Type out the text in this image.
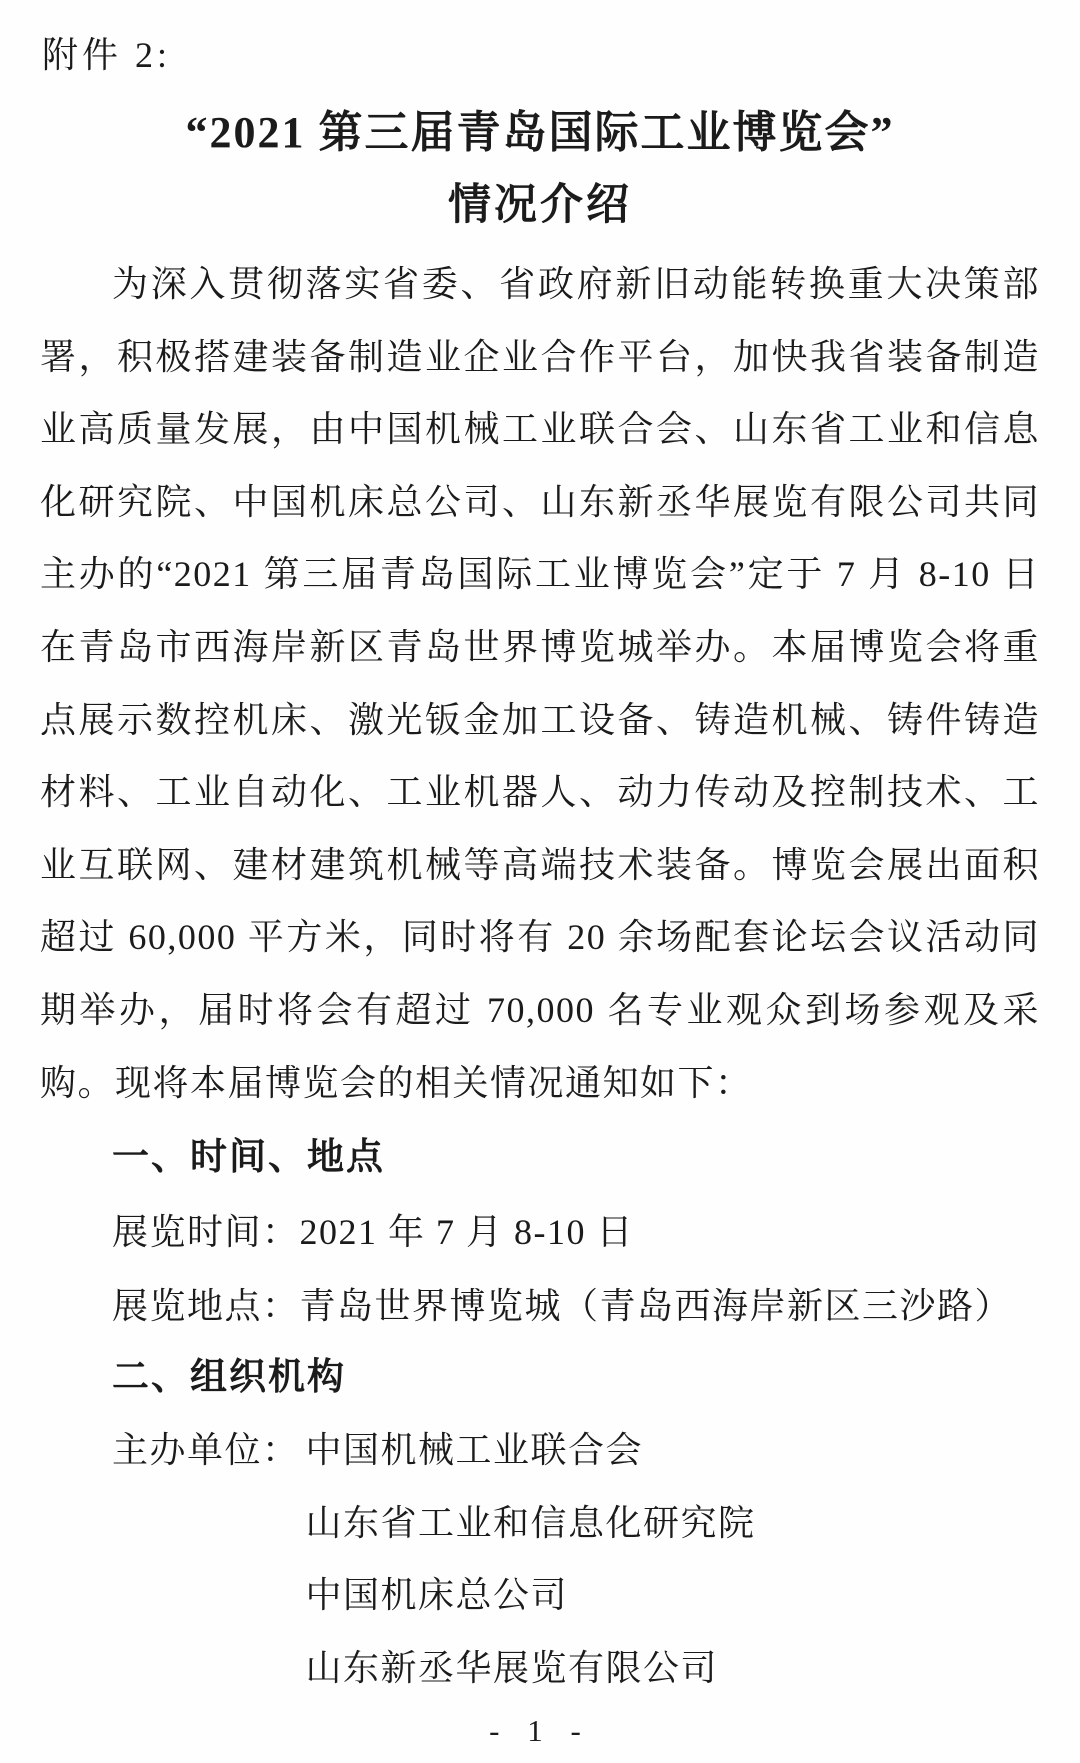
附件 2:
“2021 第三届青岛国际工业博览会”
情况介绍
为深入贯彻落实省委、省政府新旧动能转换重大决策部署，积极搭建装备制造业企业合作平台，加快我省装备制造业高质量发展，由中国机械工业联合会、山东省工业和信息化研究院、中国机床总公司、山东新丞华展览有限公司共同主办的“2021 第三届青岛国际工业博览会”定于 7 月 8-10 日在青岛市西海岸新区青岛世界博览城举办。本届博览会将重点展示数控机床、激光钣金加工设备、铸造机械、铸件铸造材料、工业自动化、工业机器人、动力传动及控制技术、工业互联网、建材建筑机械等高端技术装备。博览会展出面积超过 60,000 平方米，同时将有 20 余场配套论坛会议活动同期举办，届时将会有超过 70,000 名专业观众到场参观及采购。现将本届博览会的相关情况通知如下：
一、时间、地点
展览时间：2021 年 7 月 8-10 日
展览地点：青岛世界博览城（青岛西海岸新区三沙路）
二、组织机构
主办单位： 中国机械工业联合会
山东省工业和信息化研究院
中国机床总公司
山东新丞华展览有限公司
- 1 -
